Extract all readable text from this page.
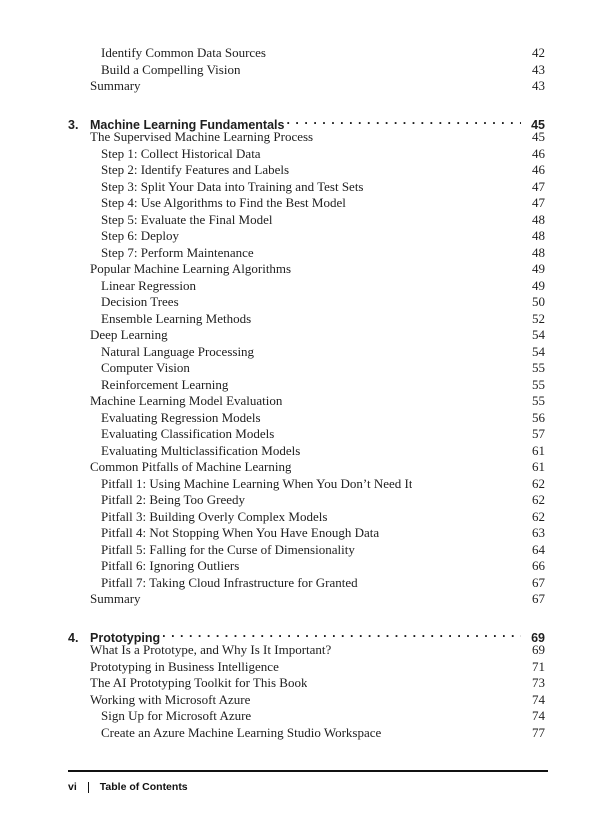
Identify Common Data Sources	42
Build a Compelling Vision	43
Summary	43
3. Machine Learning Fundamentals . . .	45
The Supervised Machine Learning Process	45
Step 1: Collect Historical Data	46
Step 2: Identify Features and Labels	46
Step 3: Split Your Data into Training and Test Sets	47
Step 4: Use Algorithms to Find the Best Model	47
Step 5: Evaluate the Final Model	48
Step 6: Deploy	48
Step 7: Perform Maintenance	48
Popular Machine Learning Algorithms	49
Linear Regression	49
Decision Trees	50
Ensemble Learning Methods	52
Deep Learning	54
Natural Language Processing	54
Computer Vision	55
Reinforcement Learning	55
Machine Learning Model Evaluation	55
Evaluating Regression Models	56
Evaluating Classification Models	57
Evaluating Multiclassification Models	61
Common Pitfalls of Machine Learning	61
Pitfall 1: Using Machine Learning When You Don’t Need It	62
Pitfall 2: Being Too Greedy	62
Pitfall 3: Building Overly Complex Models	62
Pitfall 4: Not Stopping When You Have Enough Data	63
Pitfall 5: Falling for the Curse of Dimensionality	64
Pitfall 6: Ignoring Outliers	66
Pitfall 7: Taking Cloud Infrastructure for Granted	67
Summary	67
4. Prototyping . . .	69
What Is a Prototype, and Why Is It Important?	69
Prototyping in Business Intelligence	71
The AI Prototyping Toolkit for This Book	73
Working with Microsoft Azure	74
Sign Up for Microsoft Azure	74
Create an Azure Machine Learning Studio Workspace	77
vi Table of Contents
